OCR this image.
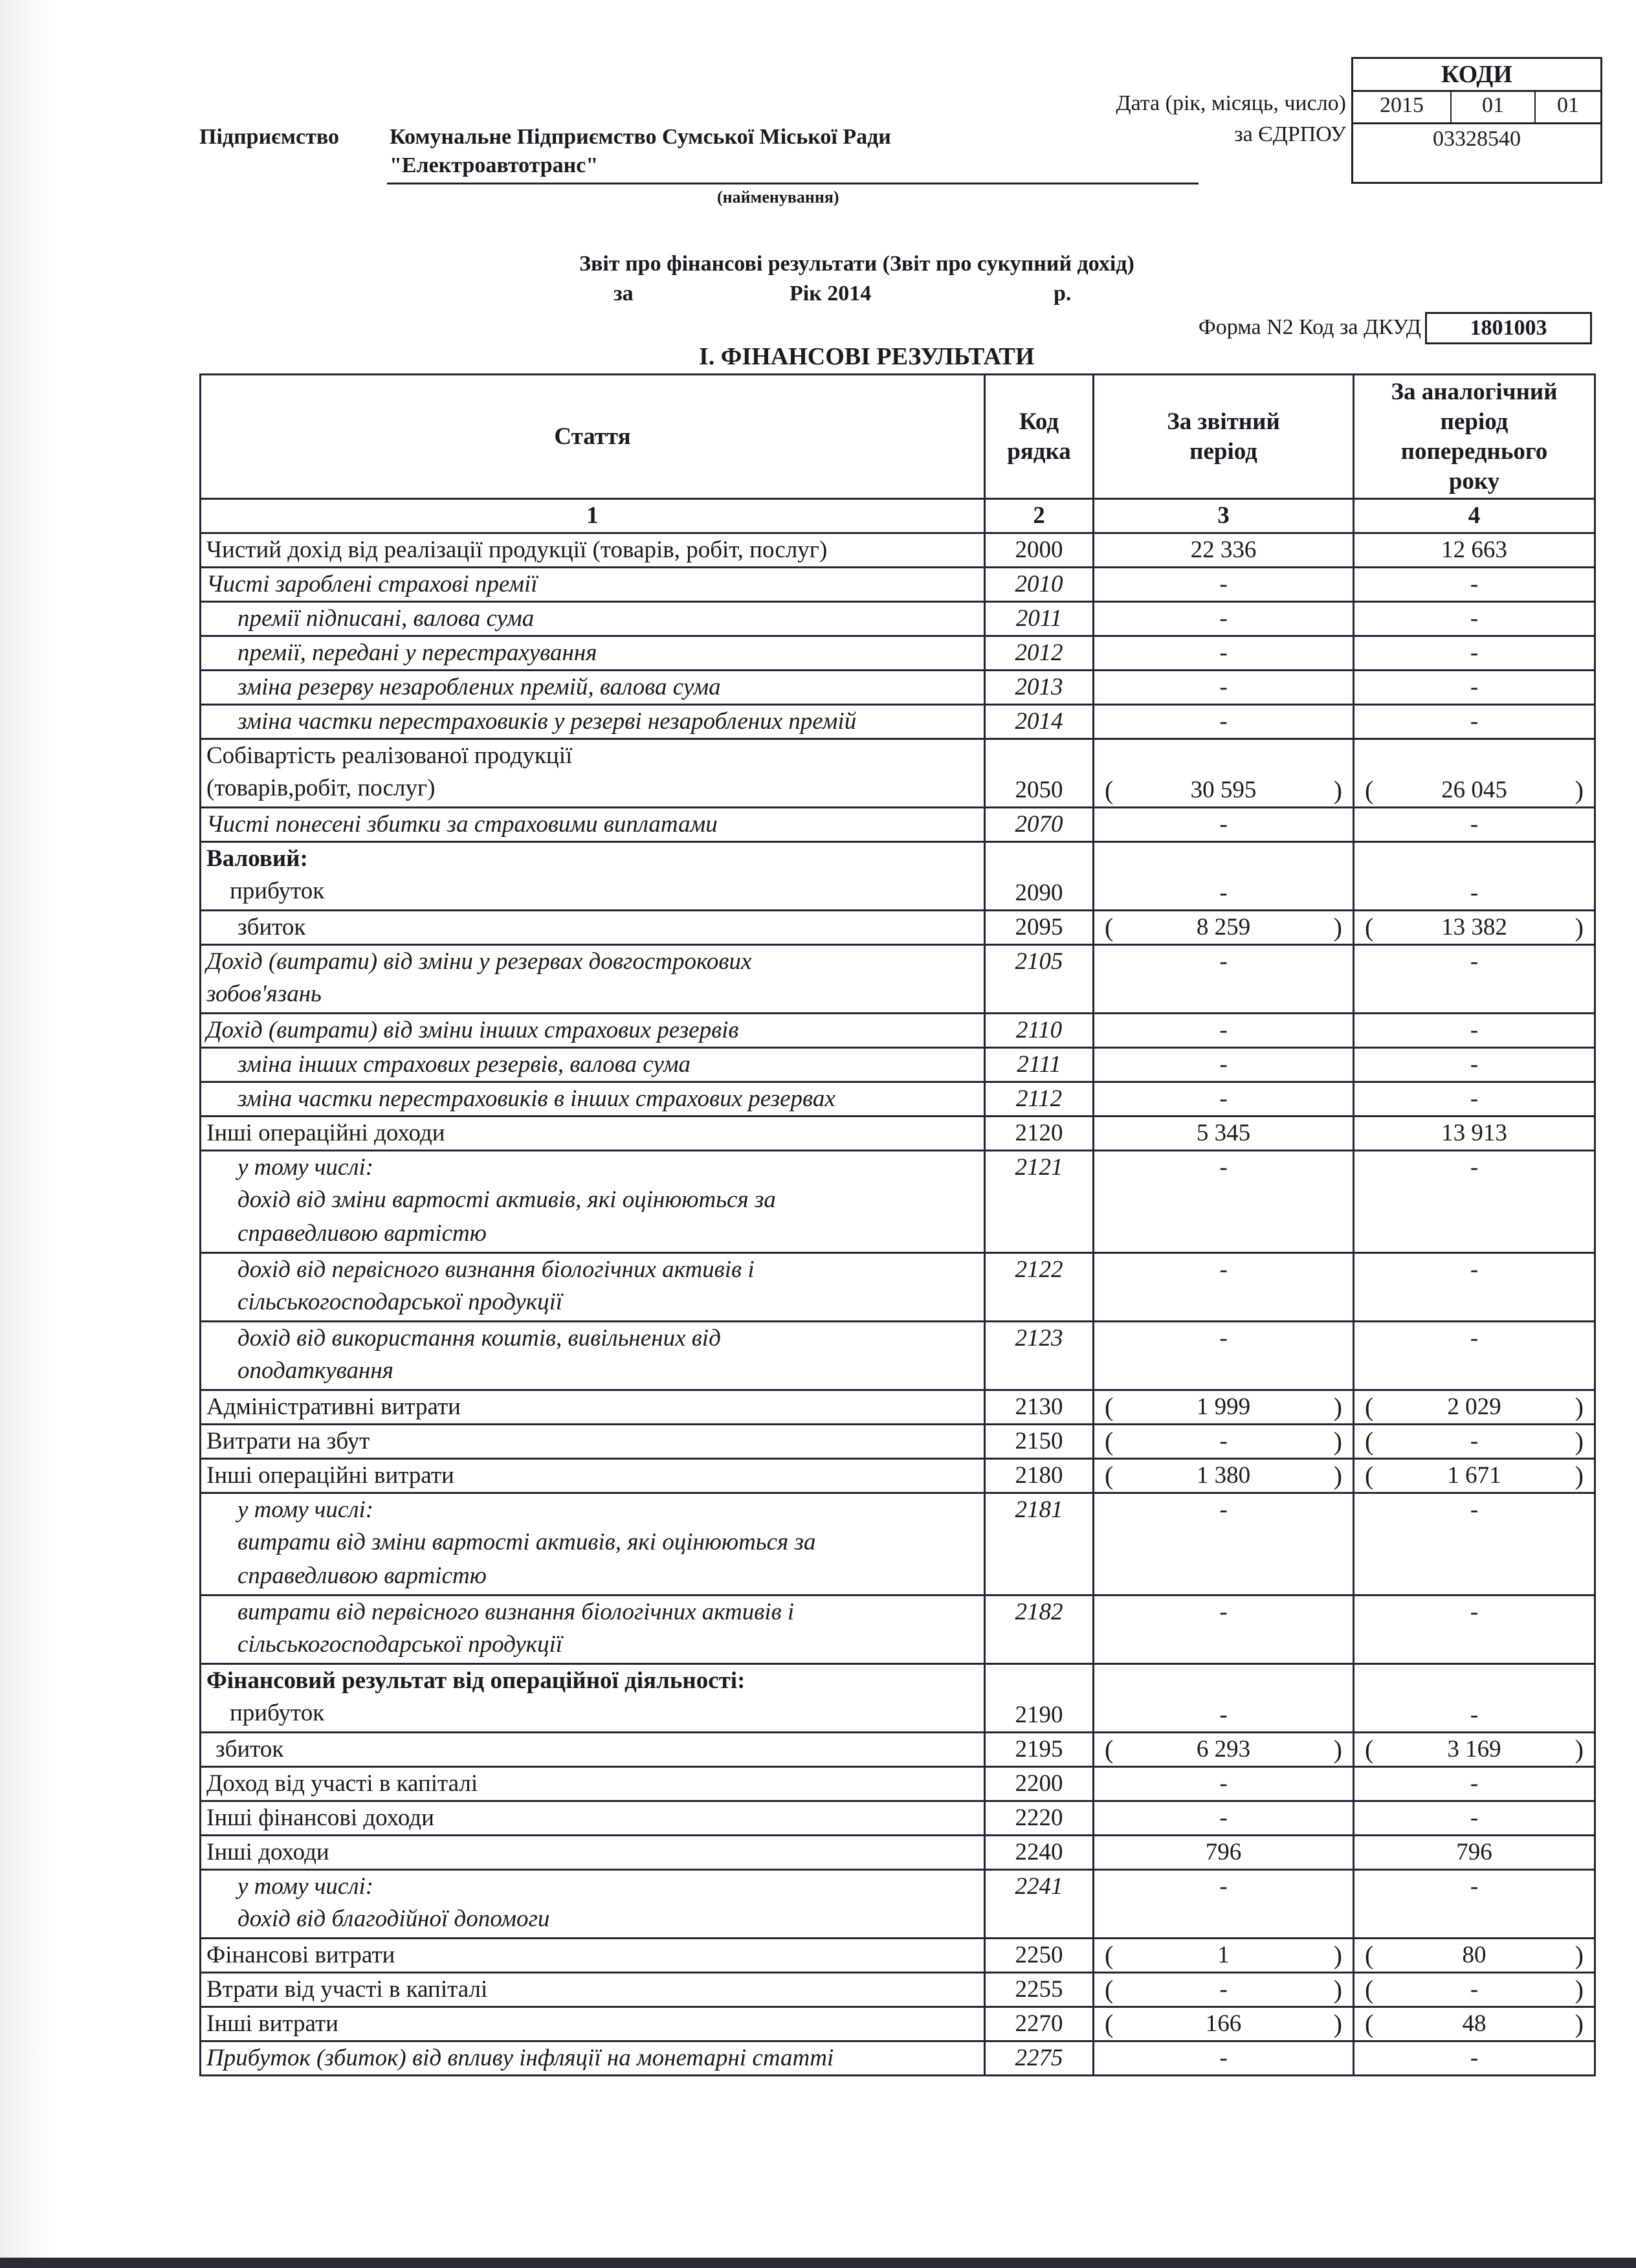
Підприємство Комунальне Підприємство Сумської Міської Ради
"Електроавтотранс"
(найменування)
Дата (рік, місяць, число)
за ЄДРПОУ
КОДИ
2015	01	01
03328540
Звіт про фінансові результати (Звіт про сукупний дохід)
за	Рік 2014	р.
Форма N2 Код за ДКУД	1801003
І. ФІНАНСОВІ РЕЗУЛЬТАТИ
Стаття	Код рядка	За звітний період	За аналогічний період попереднього року
1	2	3	4

Чистий дохід від реалізації продукції (товарів, робіт, послуг)	2000	22 336	12 663

Чисті зароблені страхові премії	2010	-	-

премії підписані, валова сума	2011	-	-

премії, передані у перестрахування	2012	-	-

зміна резерву незароблених премій, валова сума	2013	-	-

зміна частки перестраховиків у резерві незароблених премій	2014	-	-

Собівартість реалізованої продукції
(товарів,робіт, послуг)	2050	(	30 595	)	(	26 045	)

Чисті понесені збитки за страховими виплатами	2070	-	-

Валовий:
прибуток	2090	-	-

збиток	2095	( 8 259 )	( 13 382 )

Дохід (витрати) від зміни у резервах довгострокових
зобов'язань	2105	-	-

Дохід (витрати) від зміни інших страхових резервів	2110	-	-

зміна інших страхових резервів, валова сума	2111	-	-

зміна частки перестраховиків в інших страхових резервах	2112	-	-

Інші операційні доходи	2120	5 345	13 913

у тому числі:
дохід від зміни вартості активів, які оцінюються за
справедливою вартістю	2121	-	-

дохід від первісного визнання біологічних активів і
сільськогосподарської продукції	2122	-	-

дохід від використання коштів, вивільнених від
оподаткування	2123	-	-

Адміністративні витрати	2130	( 1 999 )	( 2 029 )

Витрати на збут	2150	( - )	( - )

Інші операційні витрати	2180	( 1 380 )	( 1 671 )

у тому числі:
витрати від зміни вартості активів, які оцінюються за
справедливою вартістю	2181	-	-

витрати від первісного визнання біологічних активів і
сільськогосподарської продукції	2182	-	-

Фінансовий результат від операційної діяльності:
прибуток	2190	-	-

збиток	2195	( 6 293 )	( 3 169 )

Доход від участі в капіталі	2200	-	-

Інші фінансові доходи	2220	-	-

Інші доходи	2240	796	796

у тому числі:
дохід від благодійної допомоги	2241	-	-

Фінансові витрати	2250	( 1 )	( 80 )

Втрати від участі в капіталі	2255	( - )	( - )

Інші витрати	2270	( 166 )	( 48 )

Прибуток (збиток) від впливу інфляції на монетарні статті	2275	-	-
